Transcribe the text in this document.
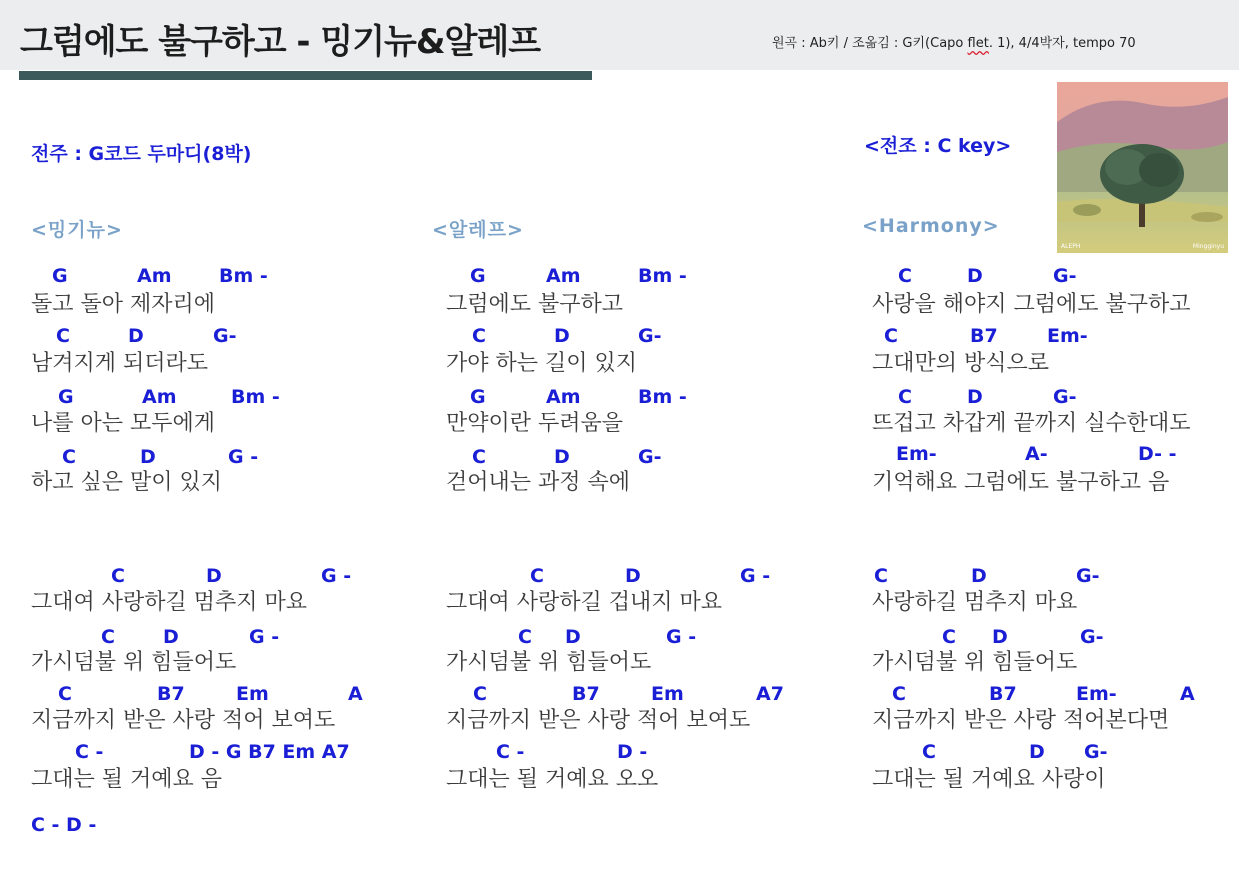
그럼에도 불구하고 - 밍기뉴&알레프	원곡 : Ab키 / 조옮김 : G키(Capo flet. 1), 4/4박자, tempo 70
전주 : G코드 두마디(8박)	<전조 : C key>
<밍기뉴>	<알레프>	<Harmony>
ALEPH	Mingginyu

G

	Am

Bm -

돌고 돌아 제자리에

C

	D

	G-

남겨지게 되더라도

G

	Am

	Bm -

나를 아는 모두에게

C

	D

	G -

하고 싶은 말이 있지

C

	D

	G -

그대여 사랑하길 멈추지 마요

C

	D

	G -

가시덤불 위 힘들어도

C

	B7

	Em

	A

지금까지 받은 사랑 적어 보여도

C -

	D - G B7 Em A7

그대는 될 거예요 음
C - D -

G

	Am

	Bm -

그럼에도 불구하고

C

	D

	G-

가야 하는 길이 있지

G

	Am

	Bm -

만약이란 두려움을

C

	D

	G-

걷어내는 과정 속에

C

	D

	G -

그대여 사랑하길 겁내지 마요

C

D

	G -

가시덤불 위 힘들어도

C

	B7

	Em

	A7

지금까지 받은 사랑 적어 보여도

C -

	D -

그대는 될 거예요 오오

C

	D

	G-

사랑을 해야지 그럼에도 불구하고

C

	B7

	Em-

그대만의 방식으로

C

	D

	G-

뜨겁고 차갑게 끝까지 실수한대도

Em-

	A-

	D- -

기억해요 그럼에도 불구하고 음

C

	D

	G-

사랑하길 멈추지 마요

C

D

	G-

가시덤불 위 힘들어도

C

	B7

	Em-

	A

지금까지 받은 사랑 적어본다면

C

	D

G-

그대는 될 거예요 사랑이
